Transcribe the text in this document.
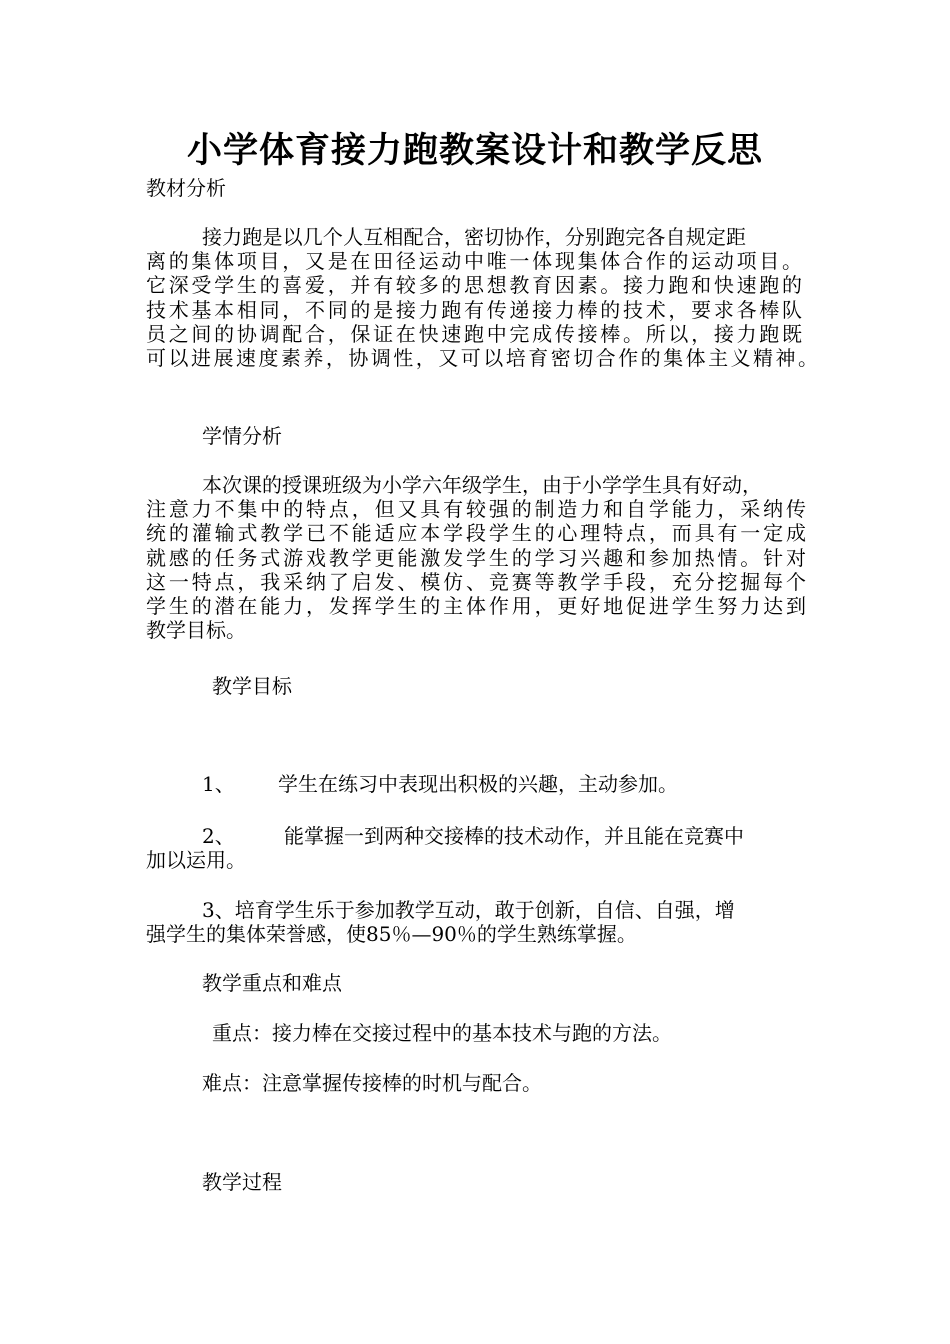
小学体育接力跑教案设计和教学反思
教材分析
接力跑是以几个人互相配合，密切协作，分别跑完各自规定距
离的集体项目，又是在田径运动中唯一体现集体合作的运动项目。
它深受学生的喜爱，并有较多的思想教育因素。接力跑和快速跑的
技术基本相同，不同的是接力跑有传递接力棒的技术，要求各棒队
员之间的协调配合，保证在快速跑中完成传接棒。所以，接力跑既
可以进展速度素养，协调性，又可以培育密切合作的集体主义精神。
学情分析
本次课的授课班级为小学六年级学生，由于小学学生具有好动，
注意力不集中的特点，但又具有较强的制造力和自学能力，采纳传
统的灌输式教学已不能适应本学段学生的心理特点，而具有一定成
就感的任务式游戏教学更能激发学生的学习兴趣和参加热情。针对
这一特点，我采纳了启发、模仿、竞赛等教学手段，充分挖掘每个
学生的潜在能力，发挥学生的主体作用，更好地促进学生努力达到
教学目标。
教学目标
1、 学生在练习中表现出积极的兴趣，主动参加。
2、 能掌握一到两种交接棒的技术动作，并且能在竞赛中
加以运用。
3、培育学生乐于参加教学互动，敢于创新，自信、自强，增
强学生的集体荣誉感，使85％—90％的学生熟练掌握。
教学重点和难点
重点：接力棒在交接过程中的基本技术与跑的方法。
难点：注意掌握传接棒的时机与配合。
教学过程
